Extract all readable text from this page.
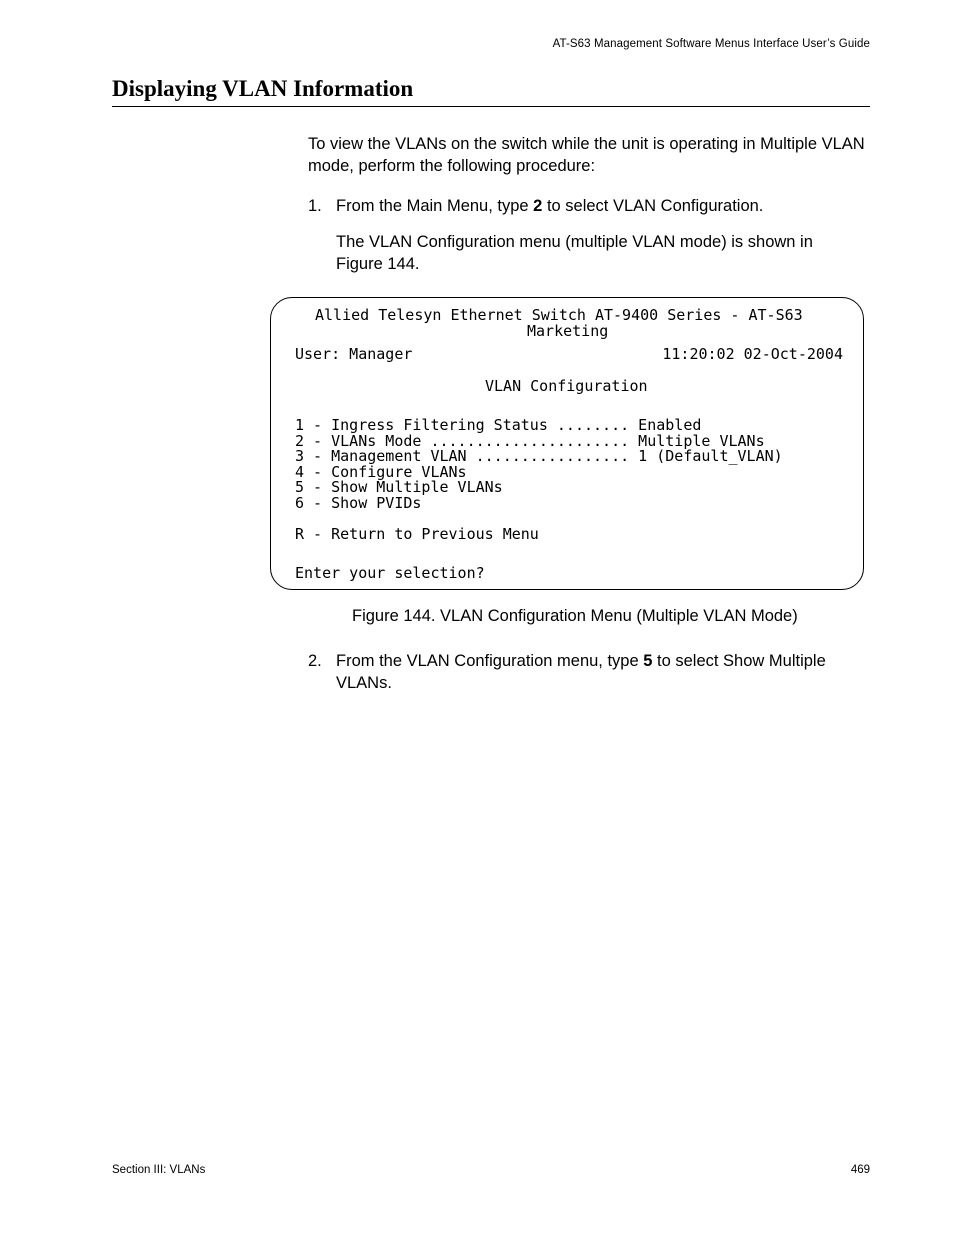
AT-S63 Management Software Menus Interface User’s Guide
Displaying VLAN Information
To view the VLANs on the switch while the unit is operating in Multiple VLAN mode, perform the following procedure:
1. From the Main Menu, type 2 to select VLAN Configuration.
The VLAN Configuration menu (multiple VLAN mode) is shown in Figure 144.
Allied Telesyn Ethernet Switch AT-9400 Series - AT-S63
Marketing
User: Manager	11:20:02 02-Oct-2004
VLAN Configuration
1 - Ingress Filtering Status ........ Enabled
2 - VLANs Mode ...................... Multiple VLANs
3 - Management VLAN ................. 1 (Default_VLAN)
4 - Configure VLANs
5 - Show Multiple VLANs
6 - Show PVIDs
R - Return to Previous Menu
Enter your selection?
Figure 144. VLAN Configuration Menu (Multiple VLAN Mode)
2. From the VLAN Configuration menu, type 5 to select Show Multiple VLANs.
Section III: VLANs	469
